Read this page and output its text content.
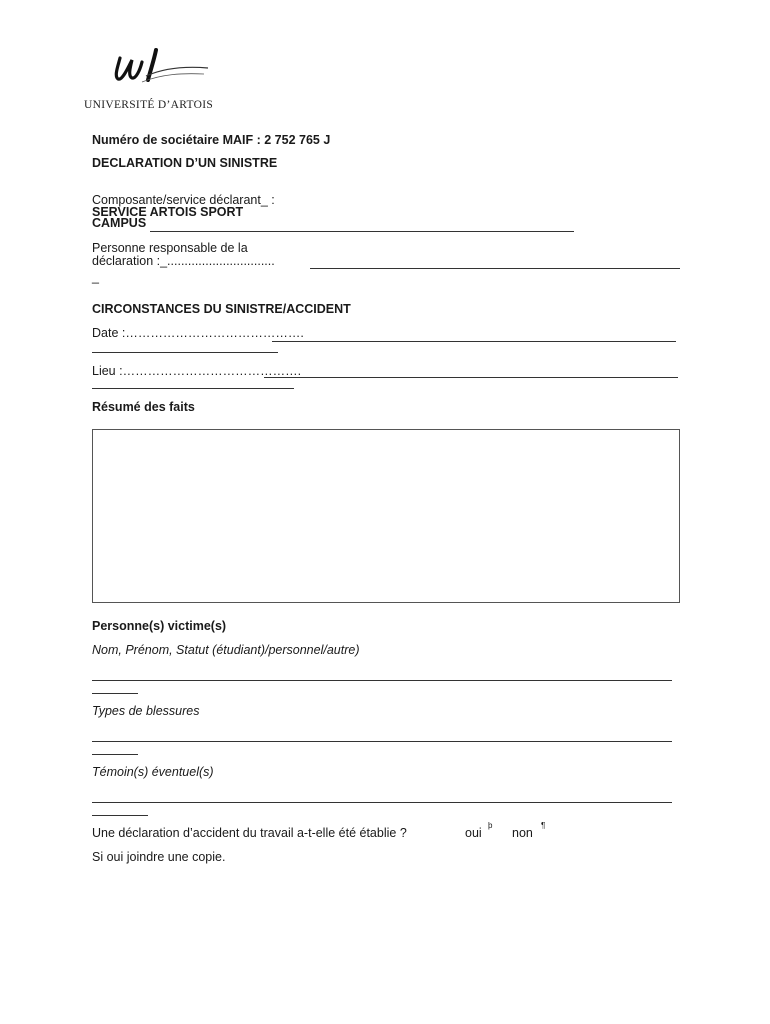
UNIVERSITÉ D’ARTOIS
Numéro de sociétaire MAIF : 2 752 765 J
DECLARATION D’UN SINISTRE
Composante/service déclarant_ :
SERVICE ARTOIS SPORT
CAMPUS
Personne responsable de la
déclaration :_...............................
_
CIRCONSTANCES DU SINISTRE/ACCIDENT
Date :…………………………………….
Lieu :…………………………………….
Résumé des faits
Personne(s) victime(s)
Nom, Prénom, Statut (étudiant)/personnel/autre)
Types de blessures
Témoin(s) éventuel(s)
Une déclaration d’accident du travail a-t-elle été établie ?	oui
þ
non
¶
Si oui joindre une copie.
